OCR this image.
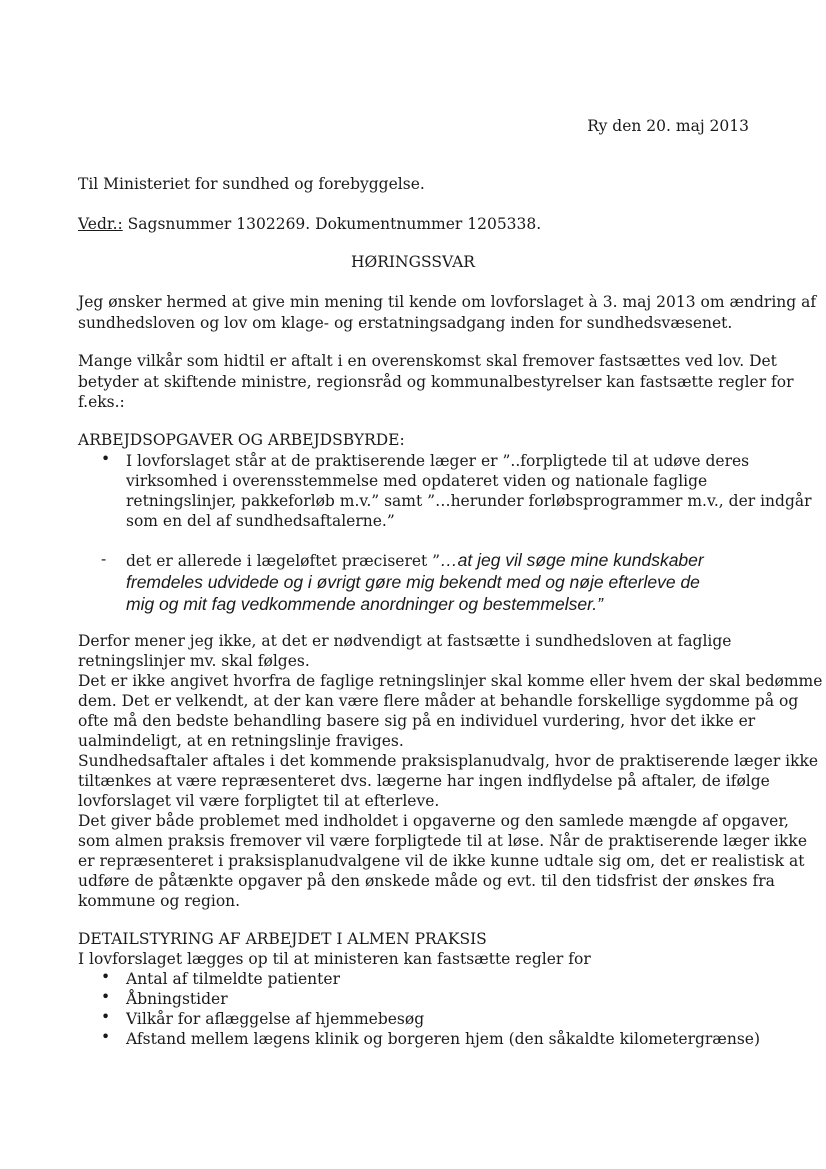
Ry den 20. maj 2013
Til Ministeriet for sundhed og forebyggelse.
Vedr.: Sagsnummer 1302269. Dokumentnummer 1205338.
HØRINGSSVAR
Jeg ønsker hermed at give min mening til kende om lovforslaget à 3. maj 2013 om ændring af
sundhedsloven og lov om klage- og erstatningsadgang inden for sundhedsvæsenet.
Mange vilkår som hidtil er aftalt i en overenskomst skal fremover fastsættes ved lov. Det
betyder at skiftende ministre, regionsråd og kommunalbestyrelser kan fastsætte regler for
f.eks.:
ARBEJDSOPGAVER OG ARBEJDSBYRDE:
• I lovforslaget står at de praktiserende læger er ”..forpligtede til at udøve deres
virksomhed i overensstemmelse med opdateret viden og nationale faglige
retningslinjer, pakkeforløb m.v.” samt ”…herunder forløbsprogrammer m.v., der indgår
som en del af sundhedsaftalerne.”
- det er allerede i lægeløftet præciseret ”…at jeg vil søge mine kundskaber
fremdeles udvidede og i øvrigt gøre mig bekendt med og nøje efterleve de
mig og mit fag vedkommende anordninger og bestemmelser.”
Derfor mener jeg ikke, at det er nødvendigt at fastsætte i sundhedsloven at faglige
retningslinjer mv. skal følges.
Det er ikke angivet hvorfra de faglige retningslinjer skal komme eller hvem der skal bedømme
dem. Det er velkendt, at der kan være flere måder at behandle forskellige sygdomme på og
ofte må den bedste behandling basere sig på en individuel vurdering, hvor det ikke er
ualmindeligt, at en retningslinje fraviges.
Sundhedsaftaler aftales i det kommende praksisplanudvalg, hvor de praktiserende læger ikke
tiltænkes at være repræsenteret dvs. lægerne har ingen indflydelse på aftaler, de ifølge
lovforslaget vil være forpligtet til at efterleve.
Det giver både problemet med indholdet i opgaverne og den samlede mængde af opgaver,
som almen praksis fremover vil være forpligtede til at løse. Når de praktiserende læger ikke
er repræsenteret i praksisplanudvalgene vil de ikke kunne udtale sig om, det er realistisk at
udføre de påtænkte opgaver på den ønskede måde og evt. til den tidsfrist der ønskes fra
kommune og region.
DETAILSTYRING AF ARBEJDET I ALMEN PRAKSIS
I lovforslaget lægges op til at ministeren kan fastsætte regler for
• Antal af tilmeldte patienter
• Åbningstider
• Vilkår for aflæggelse af hjemmebesøg
• Afstand mellem lægens klinik og borgeren hjem (den såkaldte kilometergrænse)
